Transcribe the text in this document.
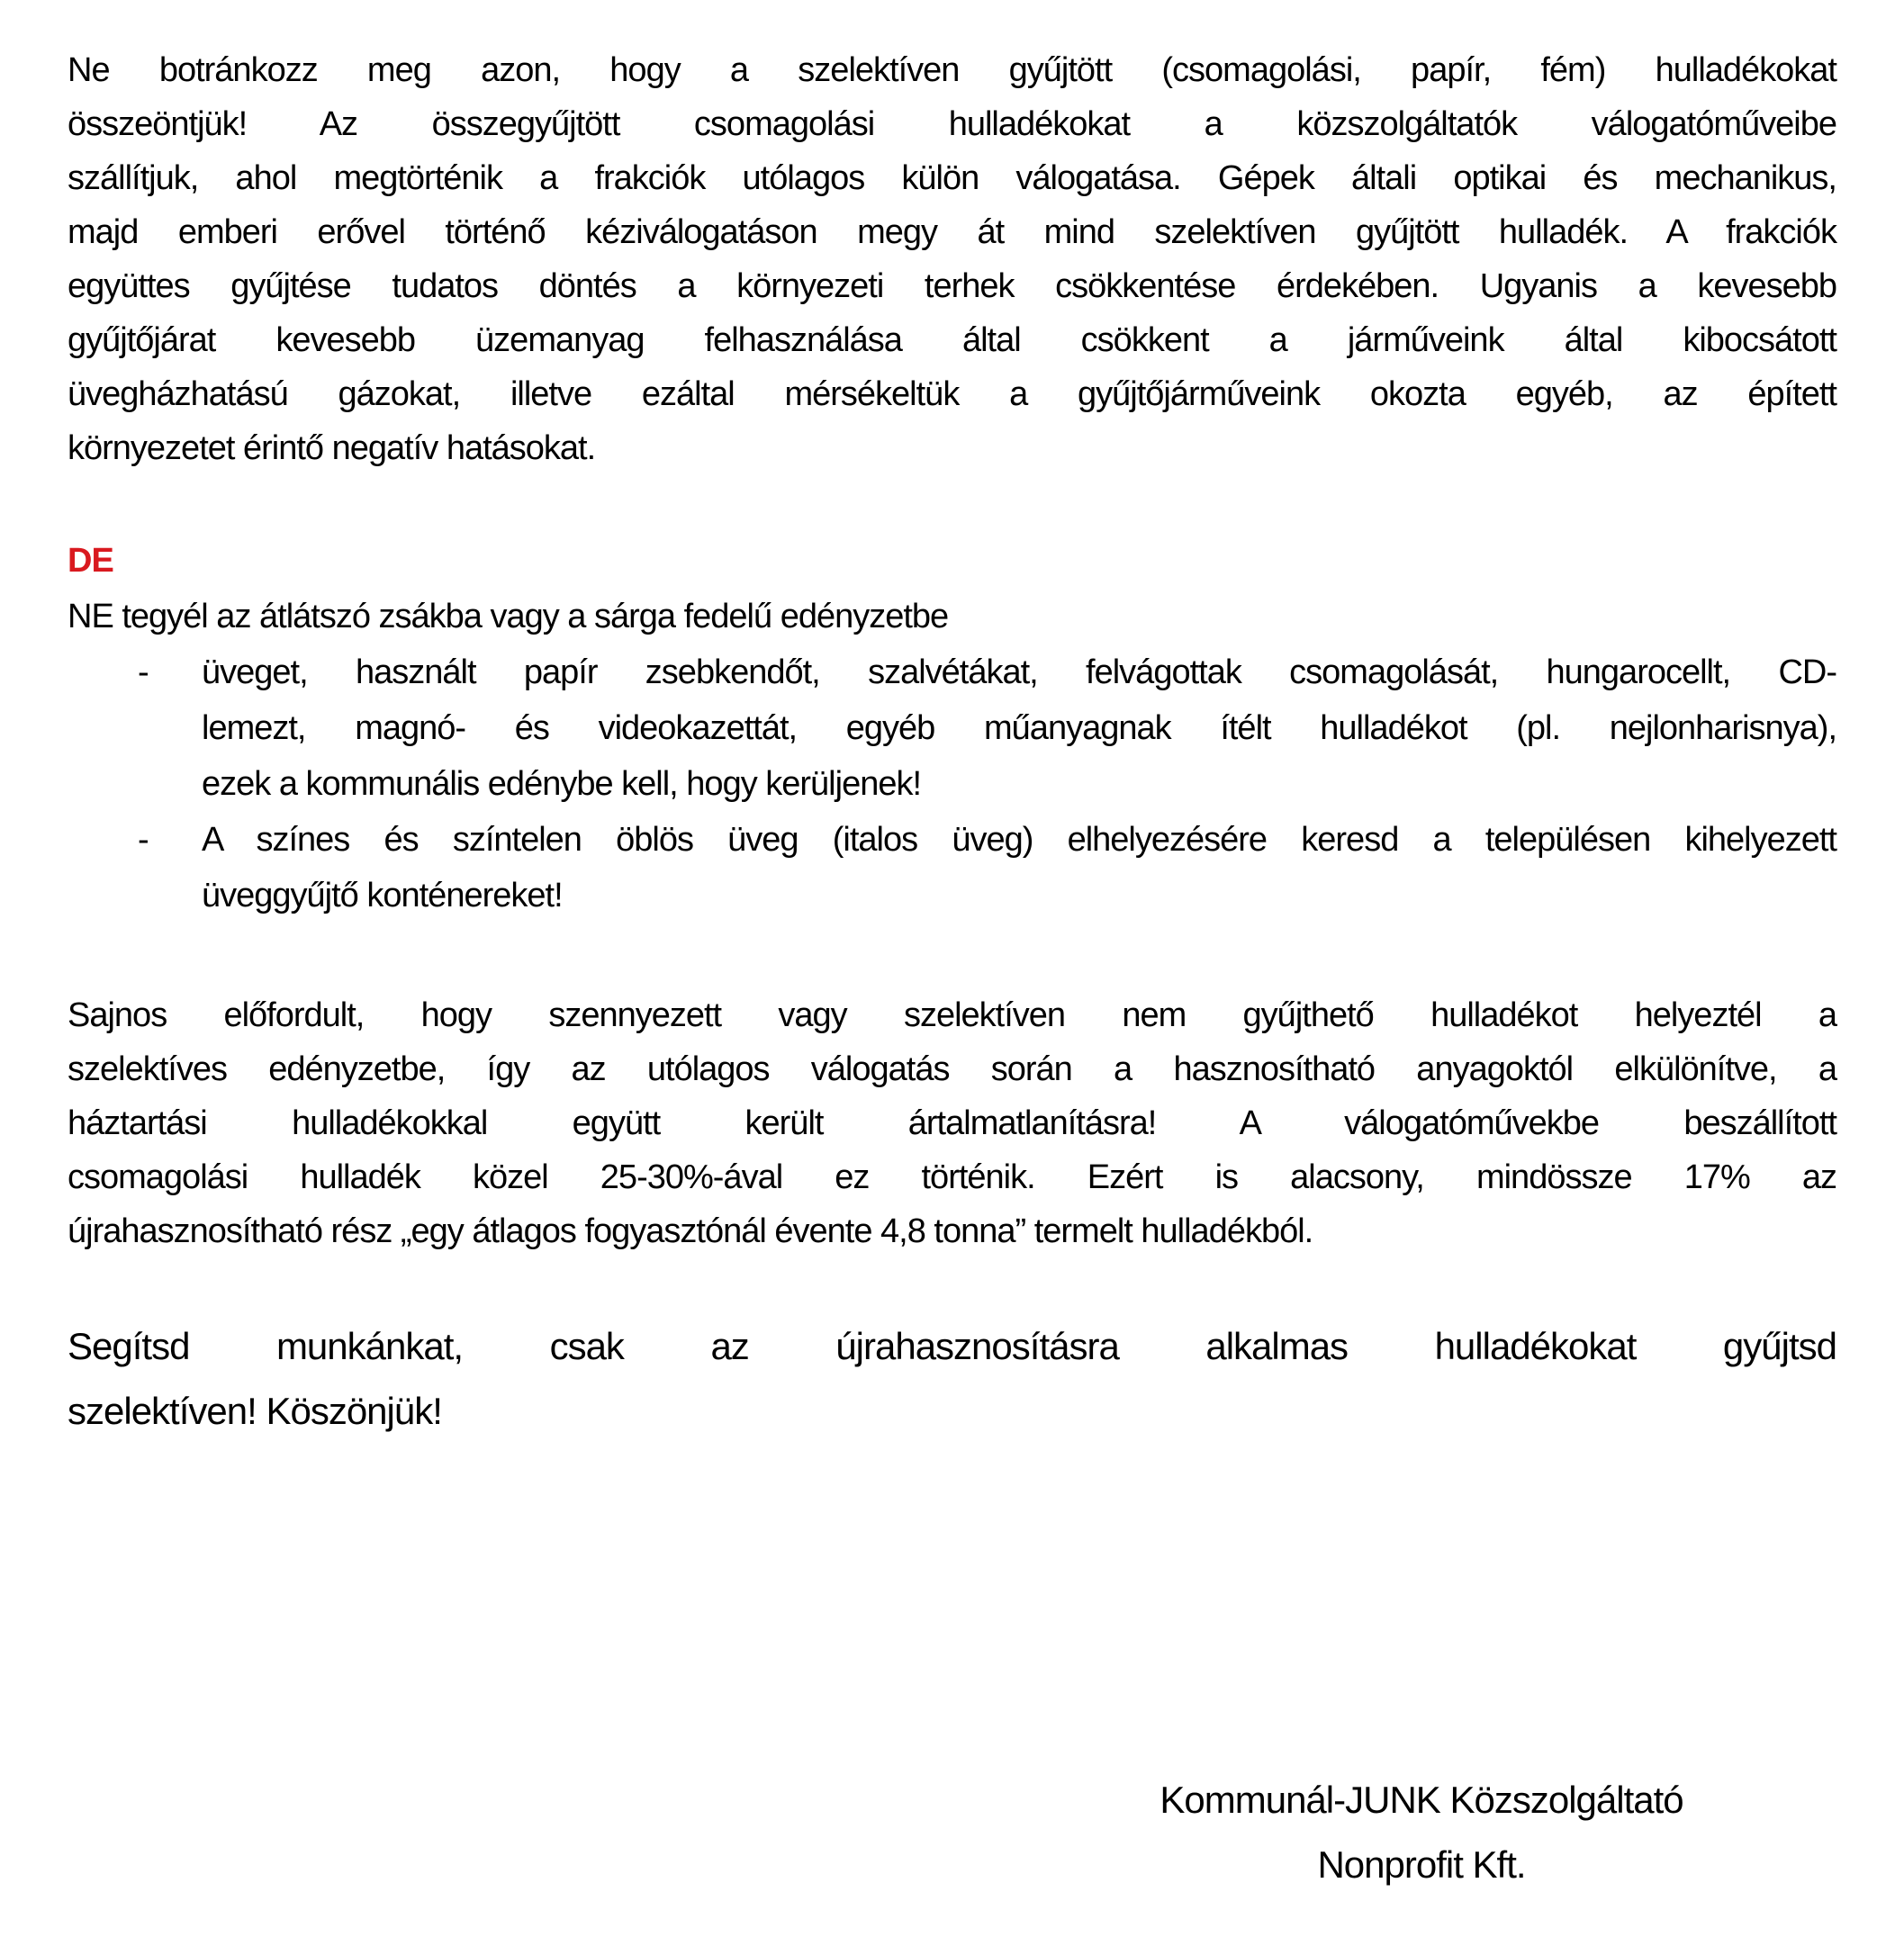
Ne botránkozz meg azon, hogy a szelektíven gyűjtött (csomagolási, papír, fém) hulladékokat
összeöntjük! Az összegyűjtött csomagolási hulladékokat a közszolgáltatók válogatóműveibe
szállítjuk, ahol megtörténik a frakciók utólagos külön válogatása. Gépek általi optikai és mechanikus,
majd emberi erővel történő kéziválogatáson megy át mind szelektíven gyűjtött hulladék. A frakciók
együttes gyűjtése tudatos döntés a környezeti terhek csökkentése érdekében. Ugyanis a kevesebb
gyűjtőjárat kevesebb üzemanyag felhasználása által csökkent a járműveink által kibocsátott
üvegházhatású gázokat, illetve ezáltal mérsékeltük a gyűjtőjárműveink okozta egyéb, az épített
környezetet érintő negatív hatásokat.
DE
NE tegyél az átlátszó zsákba vagy a sárga fedelű edényzetbe
- üveget, használt papír zsebkendőt, szalvétákat, felvágottak csomagolását, hungarocellt, CD-
lemezt, magnó- és videokazettát, egyéb műanyagnak ítélt hulladékot (pl. nejlonharisnya),
ezek a kommunális edénybe kell, hogy kerüljenek!
- A színes és színtelen öblös üveg (italos üveg) elhelyezésére keresd a településen kihelyezett
üveggyűjtő konténereket!
Sajnos előfordult, hogy szennyezett vagy szelektíven nem gyűjthető hulladékot helyeztél a
szelektíves edényzetbe, így az utólagos válogatás során a hasznosítható anyagoktól elkülönítve, a
háztartási hulladékokkal együtt került ártalmatlanításra! A válogatóművekbe beszállított
csomagolási hulladék közel 25-30%-ával ez történik. Ezért is alacsony, mindössze 17% az
újrahasznosítható rész „egy átlagos fogyasztónál évente 4,8 tonna” termelt hulladékból.
Segítsd munkánkat, csak az újrahasznosításra alkalmas hulladékokat gyűjtsd
szelektíven! Köszönjük!
Kommunál-JUNK Közszolgáltató
Nonprofit Kft.
